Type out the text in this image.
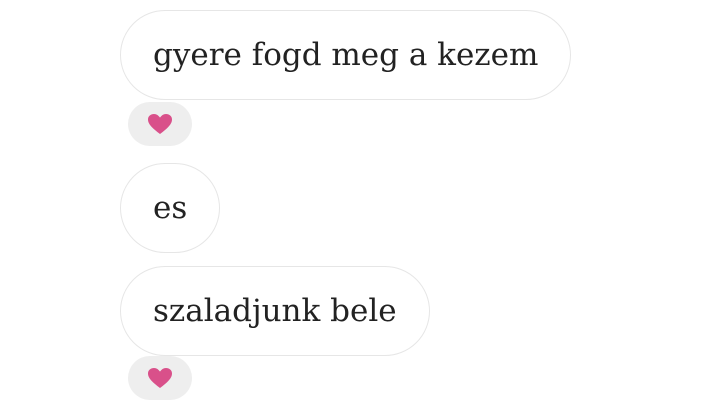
gyere fogd meg a kezem
es
szaladjunk bele
